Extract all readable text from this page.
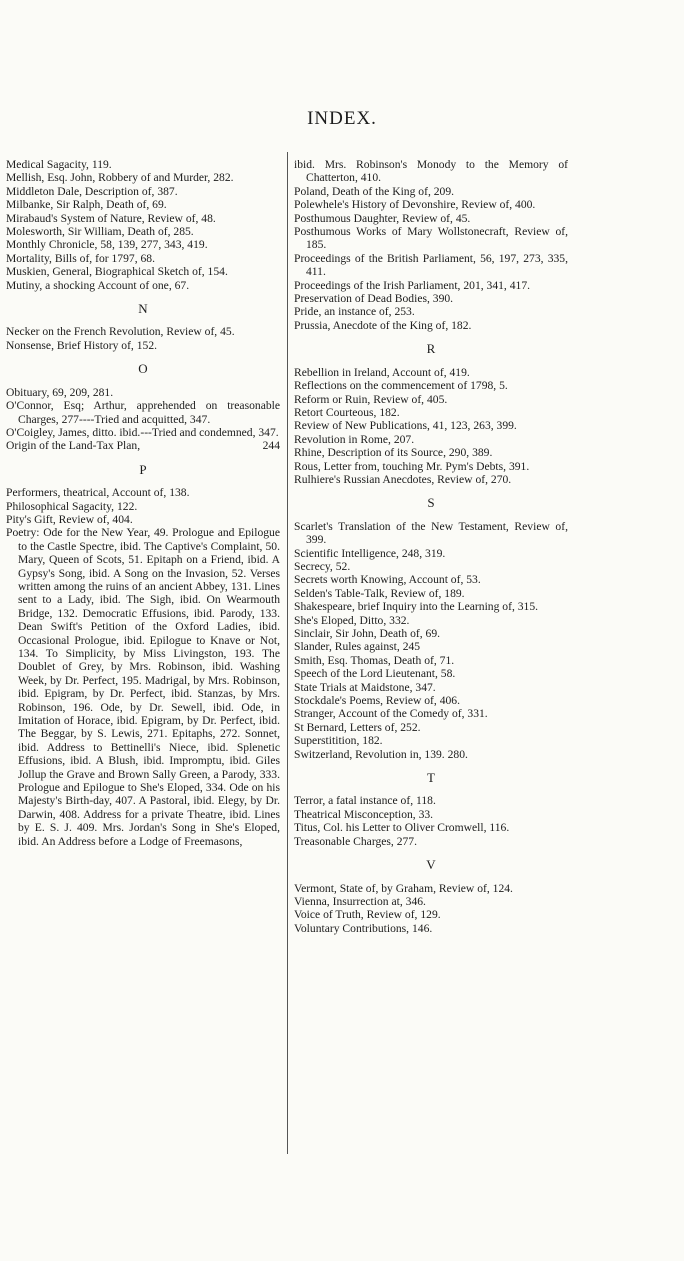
INDEX.

Medical Sagacity, 119.

Mellish, Esq. John, Robbery of and Murder, 282.

Middleton Dale, Description of, 387.

Milbanke, Sir Ralph, Death of, 69.

Mirabaud's System of Nature, Review of, 48.

Molesworth, Sir William, Death of, 285.

Monthly Chronicle, 58, 139, 277, 343, 419.

Mortality, Bills of, for 1797, 68.

Muskien, General, Biographical Sketch of, 154.

Mutiny, a shocking Account of one, 67.

N

Necker on the French Revolution, Review of, 45.

Nonsense, Brief History of, 152.

O

Obituary, 69, 209, 281.

O'Connor, Esq; Arthur, apprehended on treasonable Charges, 277----Tried and acquitted, 347.

O'Coigley, James, ditto. ibid.---Tried and condemned, 347.

Origin of the Land-Tax Plan,	244
P

Performers, theatrical, Account of, 138.

Philosophical Sagacity, 122.

Pity's Gift, Review of, 404.

Poetry: Ode for the New Year, 49. Prologue and Epilogue to the Castle Spectre, ibid. The Captive's Complaint, 50. Mary, Queen of Scots, 51. Epitaph on a Friend, ibid. A Gypsy's Song, ibid. A Song on the Invasion, 52. Verses written among the ruins of an ancient Abbey, 131. Lines sent to a Lady, ibid. The Sigh, ibid. On Wearmouth Bridge, 132. Democratic Effusions, ibid. Parody, 133. Dean Swift's Petition of the Oxford Ladies, ibid. Occasional Prologue, ibid. Epilogue to Knave or Not, 134. To Simplicity, by Miss Livingston, 193. The Doublet of Grey, by Mrs. Robinson, ibid. Washing Week, by Dr. Perfect, 195. Madrigal, by Mrs. Robinson, ibid. Epigram, by Dr. Perfect, ibid. Stanzas, by Mrs. Robinson, 196. Ode, by Dr. Sewell, ibid. Ode, in Imitation of Horace, ibid. Epigram, by Dr. Perfect, ibid. The Beggar, by S. Lewis, 271. Epitaphs, 272. Sonnet, ibid. Address to Bettinelli's Niece, ibid. Splenetic Effusions, ibid. A Blush, ibid. Impromptu, ibid. Giles Jollup the Grave and Brown Sally Green, a Parody, 333. Prologue and Epilogue to She's Eloped, 334. Ode on his Majesty's Birth-day, 407. A Pastoral, ibid. Elegy, by Dr. Darwin, 408. Address for a private Theatre, ibid. Lines by E. S. J. 409. Mrs. Jordan's Song in She's Eloped, ibid. An Address before a Lodge of Freemasons,

ibid. Mrs. Robinson's Monody to the Memory of Chatterton, 410.

Poland, Death of the King of, 209.

Polewhele's History of Devonshire, Review of, 400.

Posthumous Daughter, Review of, 45.

Posthumous Works of Mary Wollstonecraft, Review of, 185.

Proceedings of the British Parliament, 56, 197, 273, 335, 411.

Proceedings of the Irish Parliament, 201, 341, 417.

Preservation of Dead Bodies, 390.

Pride, an instance of, 253.

Prussia, Anecdote of the King of, 182.

R

Rebellion in Ireland, Account of, 419.

Reflections on the commencement of 1798, 5.

Reform or Ruin, Review of, 405.

Retort Courteous, 182.

Review of New Publications, 41, 123, 263, 399.

Revolution in Rome, 207.

Rhine, Description of its Source, 290, 389.

Rous, Letter from, touching Mr. Pym's Debts, 391.

Rulhiere's Russian Anecdotes, Review of, 270.

S

Scarlet's Translation of the New Testament, Review of, 399.

Scientific Intelligence, 248, 319.

Secrecy, 52.

Secrets worth Knowing, Account of, 53.

Selden's Table-Talk, Review of, 189.

Shakespeare, brief Inquiry into the Learning of, 315.

She's Eloped, Ditto, 332.

Sinclair, Sir John, Death of, 69.

Slander, Rules against, 245

Smith, Esq. Thomas, Death of, 71.

Speech of the Lord Lieutenant, 58.

State Trials at Maidstone, 347.

Stockdale's Poems, Review of, 406.

Stranger, Account of the Comedy of, 331.

St Bernard, Letters of, 252.

Superstitition, 182.

Switzerland, Revolution in, 139. 280.

T

Terror, a fatal instance of, 118.

Theatrical Misconception, 33.

Titus, Col. his Letter to Oliver Cromwell, 116.

Treasonable Charges, 277.

V

Vermont, State of, by Graham, Review of, 124.

Vienna, Insurrection at, 346.

Voice of Truth, Review of, 129.

Voluntary Contributions, 146.
